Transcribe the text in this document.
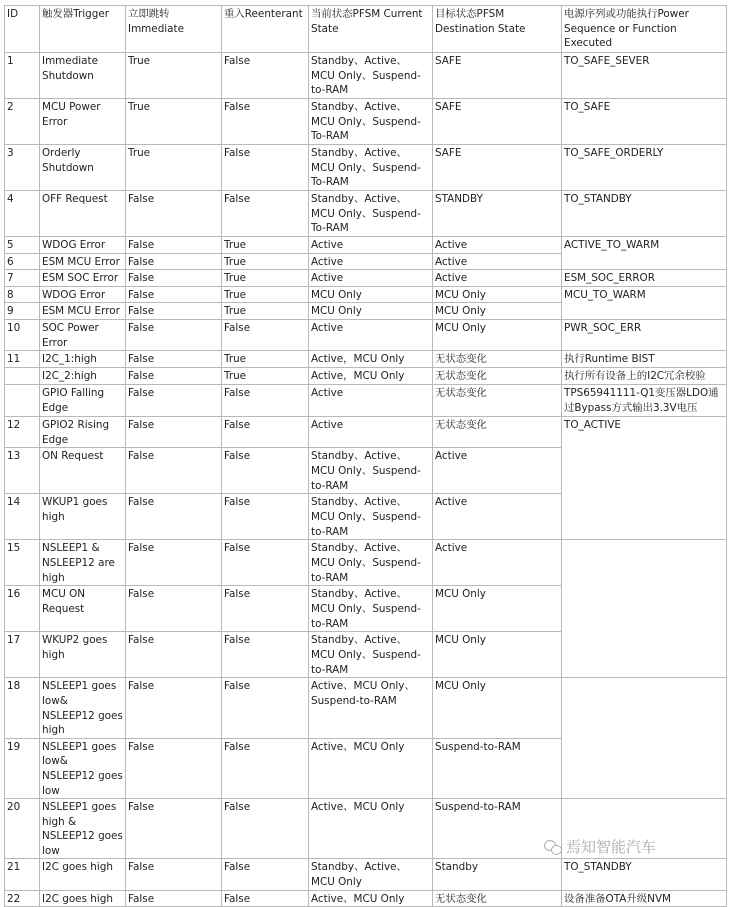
ID	触发器Trigger	立即跳转 Immediate	重入Reenterant	当前状态PFSM Current State	目标状态PFSM Destination State	电源序列或功能执行Power Sequence or Function Executed
1	Immediate Shutdown	True	False	Standby、Active、MCU Only、Suspend-to-RAM	SAFE	TO_SAFE_SEVER
2	MCU Power Error	True	False	Standby、Active、MCU Only、Suspend-To-RAM	SAFE	TO_SAFE
3	Orderly Shutdown	True	False	Standby、Active、MCU Only、Suspend-To-RAM	SAFE	TO_SAFE_ORDERLY
4	OFF Request	False	False	Standby、Active、MCU Only、Suspend-To-RAM	STANDBY	TO_STANDBY
5	WDOG Error	False	True	Active	Active	ACTIVE_TO_WARM
6	ESM MCU Error	False	True	Active	Active	
7	ESM SOC Error	False	True	Active	Active	ESM_SOC_ERROR
8	WDOG Error	False	True	MCU Only	MCU Only	MCU_TO_WARM
9	ESM MCU Error	False	True	MCU Only	MCU Only	
10	SOC Power Error	False	False	Active	MCU Only	PWR_SOC_ERR
11	I2C_1:high	False	True	Active，MCU Only	无状态变化	执行Runtime BIST
	I2C_2:high	False	True	Active，MCU Only	无状态变化	执行所有设备上的I2C冗余校验
	GPIO Falling Edge	False	False	Active	无状态变化	TPS65941111-Q1变压器LDO通过Bypass方式输出3.3V电压
12	GPIO2 Rising Edge	False	False	Active	无状态变化	TO_ACTIVE
13	ON Request	False	False	Standby、Active、MCU Only、Suspend-to-RAM	Active	
14	WKUP1 goes high	False	False	Standby、Active、MCU Only、Suspend-to-RAM	Active	
15	NSLEEP1 & NSLEEP12 are high	False	False	Standby、Active、MCU Only、Suspend-to-RAM	Active	
16	MCU ON Request	False	False	Standby、Active、MCU Only、Suspend-to-RAM	MCU Only	
17	WKUP2 goes high	False	False	Standby、Active、MCU Only、Suspend-to-RAM	MCU Only	
18	NSLEEP1 goes low& NSLEEP12 goes high	False	False	Active、MCU Only、Suspend-to-RAM	MCU Only	
19	NSLEEP1 goes low& NSLEEP12 goes low	False	False	Active、MCU Only	Suspend-to-RAM	
20	NSLEEP1 goes high & NSLEEP12 goes low	False	False	Active、MCU Only	Suspend-to-RAM	
21	I2C goes high	False	False	Standby、Active、MCU Only	Standby	TO_STANDBY
22	I2C goes high	False	False	Active、MCU Only	无状态变化	设备准备OTA升级NVM
焉知智能汽车
